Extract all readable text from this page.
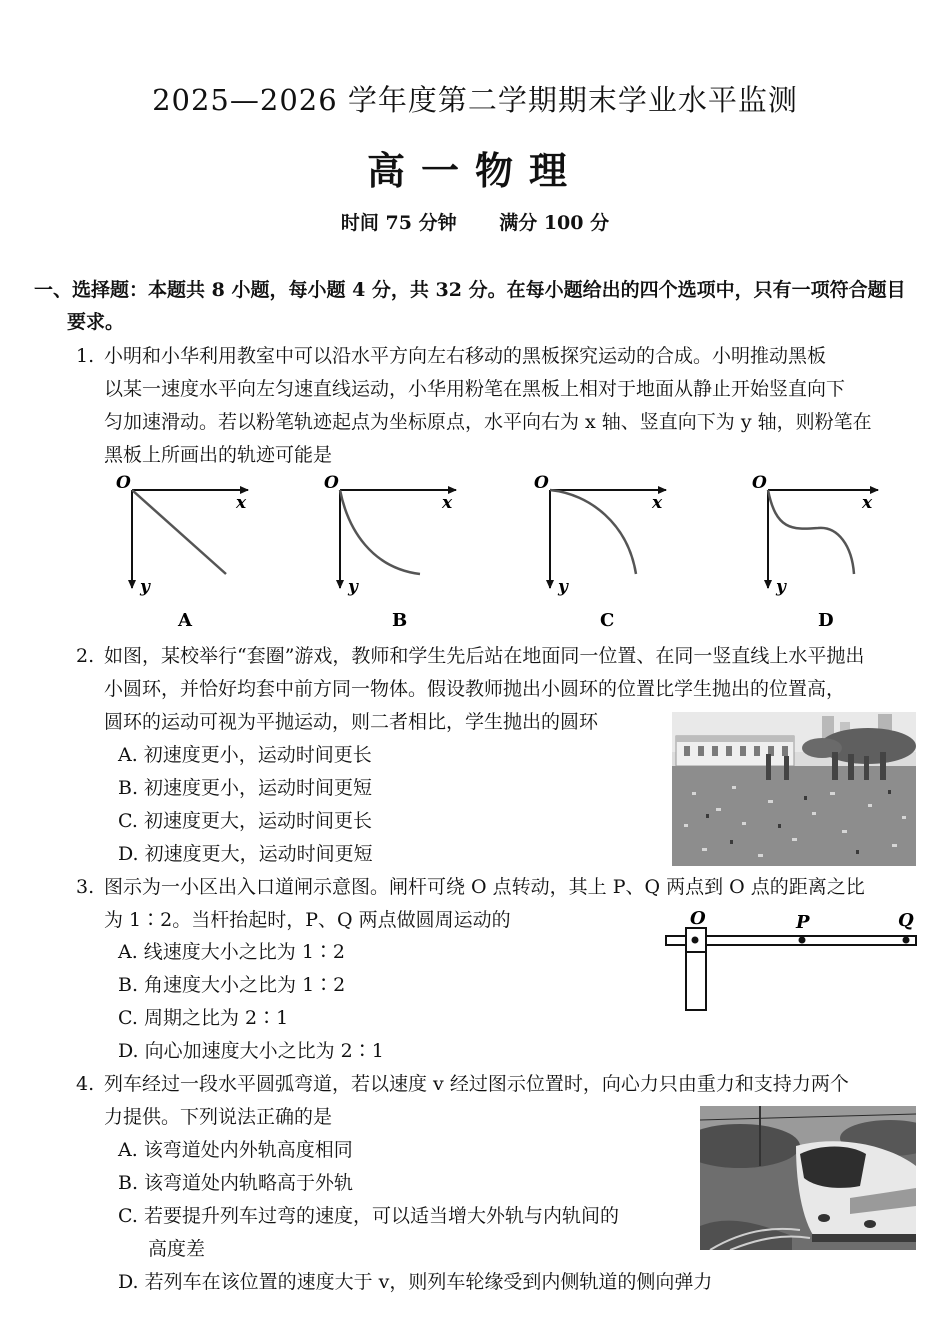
2025—2026 学年度第二学期期末学业水平监测
高一物理
时间 75 分钟 满分 100 分
一、选择题：本题共 8 小题，每小题 4 分，共 32 分。在每小题给出的四个选项中，只有一项符合题目
要求。
1. 小明和小华利用教室中可以沿水平方向左右移动的黑板探究运动的合成。小明推动黑板
以某一速度水平向左匀速直线运动，小华用粉笔在黑板上相对于地面从静止开始竖直向下
匀加速滑动。若以粉笔轨迹起点为坐标原点，水平向右为 x 轴、竖直向下为 y 轴，则粉笔在
黑板上所画出的轨迹可能是
O
x
y
A
O
x
y
B
O
x
y
C
O
x
y
D
2. 如图，某校举行“套圈”游戏，教师和学生先后站在地面同一位置、在同一竖直线上水平抛出
小圆环，并恰好均套中前方同一物体。假设教师抛出小圆环的位置比学生抛出的位置高，
圆环的运动可视为平抛运动，则二者相比，学生抛出的圆环
A. 初速度更小，运动时间更长
B. 初速度更小，运动时间更短
C. 初速度更大，运动时间更长
D. 初速度更大，运动时间更短
3. 图示为一小区出入口道闸示意图。闸杆可绕 O 点转动，其上 P、Q 两点到 O 点的距离之比
为 1∶2。当杆抬起时，P、Q 两点做圆周运动的
A. 线速度大小之比为 1∶2
B. 角速度大小之比为 1∶2
C. 周期之比为 2∶1
D. 向心加速度大小之比为 2∶1
O	P	Q
4. 列车经过一段水平圆弧弯道，若以速度 v 经过图示位置时，向心力只由重力和支持力两个
力提供。下列说法正确的是
A. 该弯道处内外轨高度相同
B. 该弯道处内轨略高于外轨
C. 若要提升列车过弯的速度，可以适当增大外轨与内轨间的
高度差
D. 若列车在该位置的速度大于 v，则列车轮缘受到内侧轨道的侧向弹力
